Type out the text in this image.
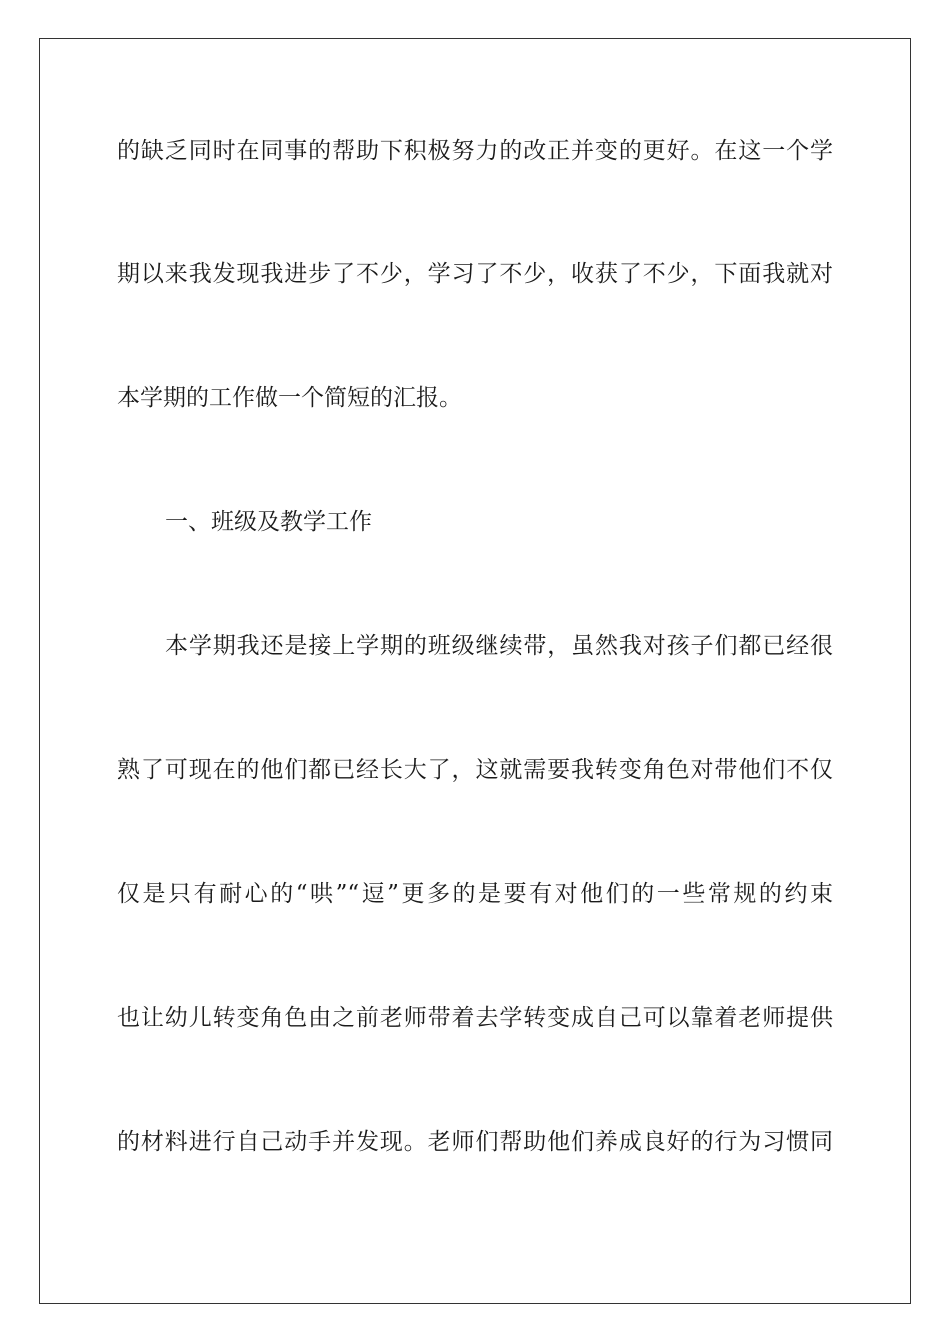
的缺乏同时在同事的帮助下积极努力的改正并变的更好。在这一个学
期以来我发现我进步了不少，学习了不少，收获了不少，下面我就对
本学期的工作做一个简短的汇报。
一、班级及教学工作
本学期我还是接上学期的班级继续带，虽然我对孩子们都已经很
熟了可现在的他们都已经长大了，这就需要我转变角色对带他们不仅
仅是只有耐心的“哄”“逗”更多的是要有对他们的一些常规的约束
也让幼儿转变角色由之前老师带着去学转变成自己可以靠着老师提供
的材料进行自己动手并发现。老师们帮助他们养成良好的行为习惯同
